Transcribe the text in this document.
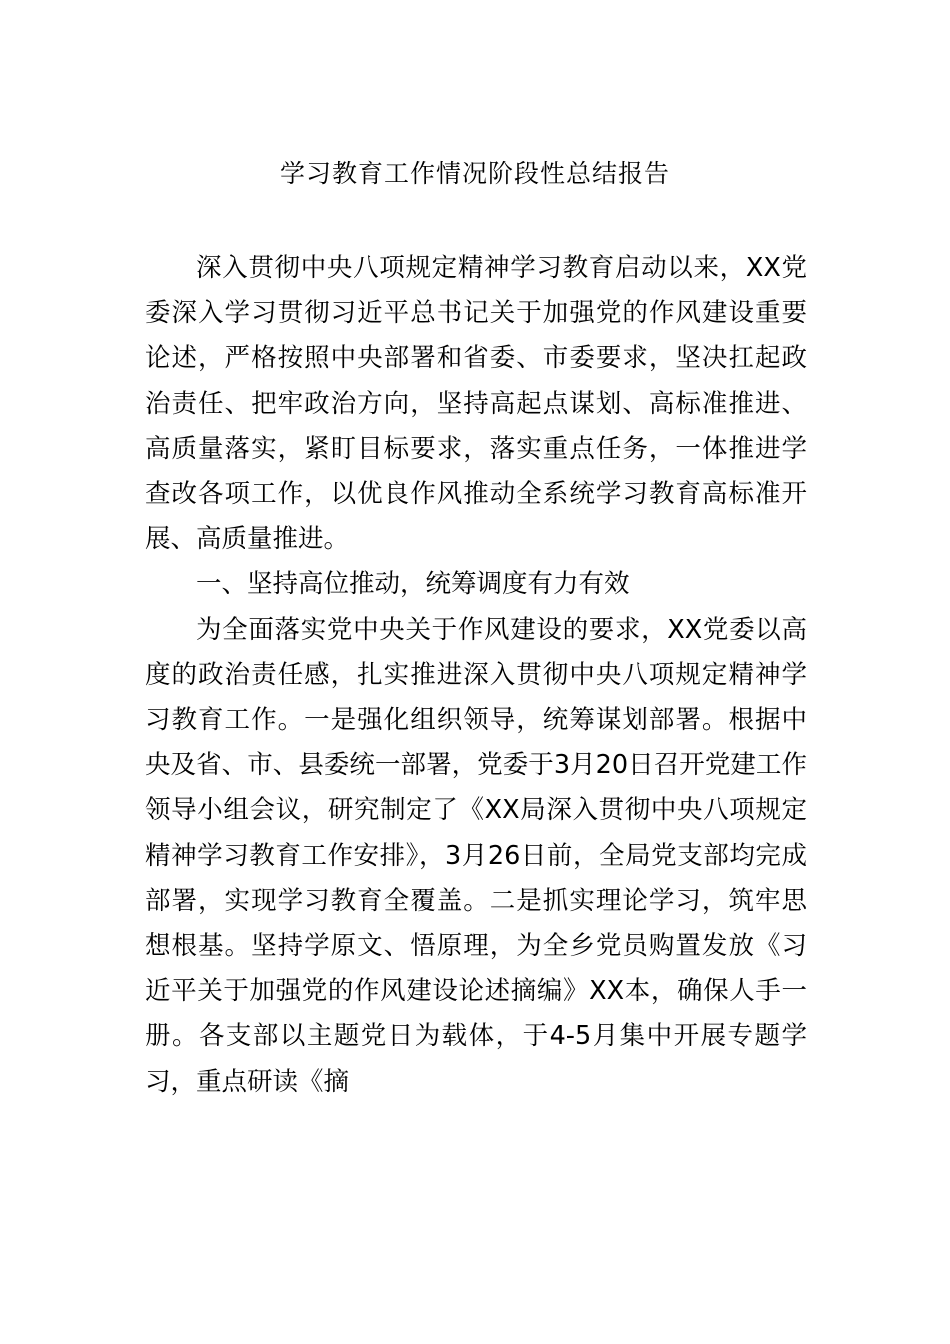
学习教育工作情况阶段性总结报告

深入贯彻中央八项规定精神学习教育启动以来，XX党委深入学习贯彻习近平总书记关于加强党的作风建设重要论述，严格按照中央部署和省委、市委要求，坚决扛起政治责任、把牢政治方向，坚持高起点谋划、高标准推进、高质量落实，紧盯目标要求，落实重点任务，一体推进学查改各项工作，以优良作风推动全系统学习教育高标准开展、高质量推进。

一、坚持高位推动，统筹调度有力有效

为全面落实党中央关于作风建设的要求，XX党委以高度的政治责任感，扎实推进深入贯彻中央八项规定精神学习教育工作。一是强化组织领导，统筹谋划部署。根据中央及省、市、县委统一部署，党委于3月20日召开党建工作领导小组会议，研究制定了《XX局深入贯彻中央八项规定精神学习教育工作安排》，3月26日前，全局党支部均完成部署，实现学习教育全覆盖。二是抓实理论学习，筑牢思想根基。坚持学原文、悟原理，为全乡党员购置发放《习近平关于加强党的作风建设论述摘编》XX本，确保人手一册。各支部以主题党日为载体，于4-5月集中开展专题学习，重点研读《摘
